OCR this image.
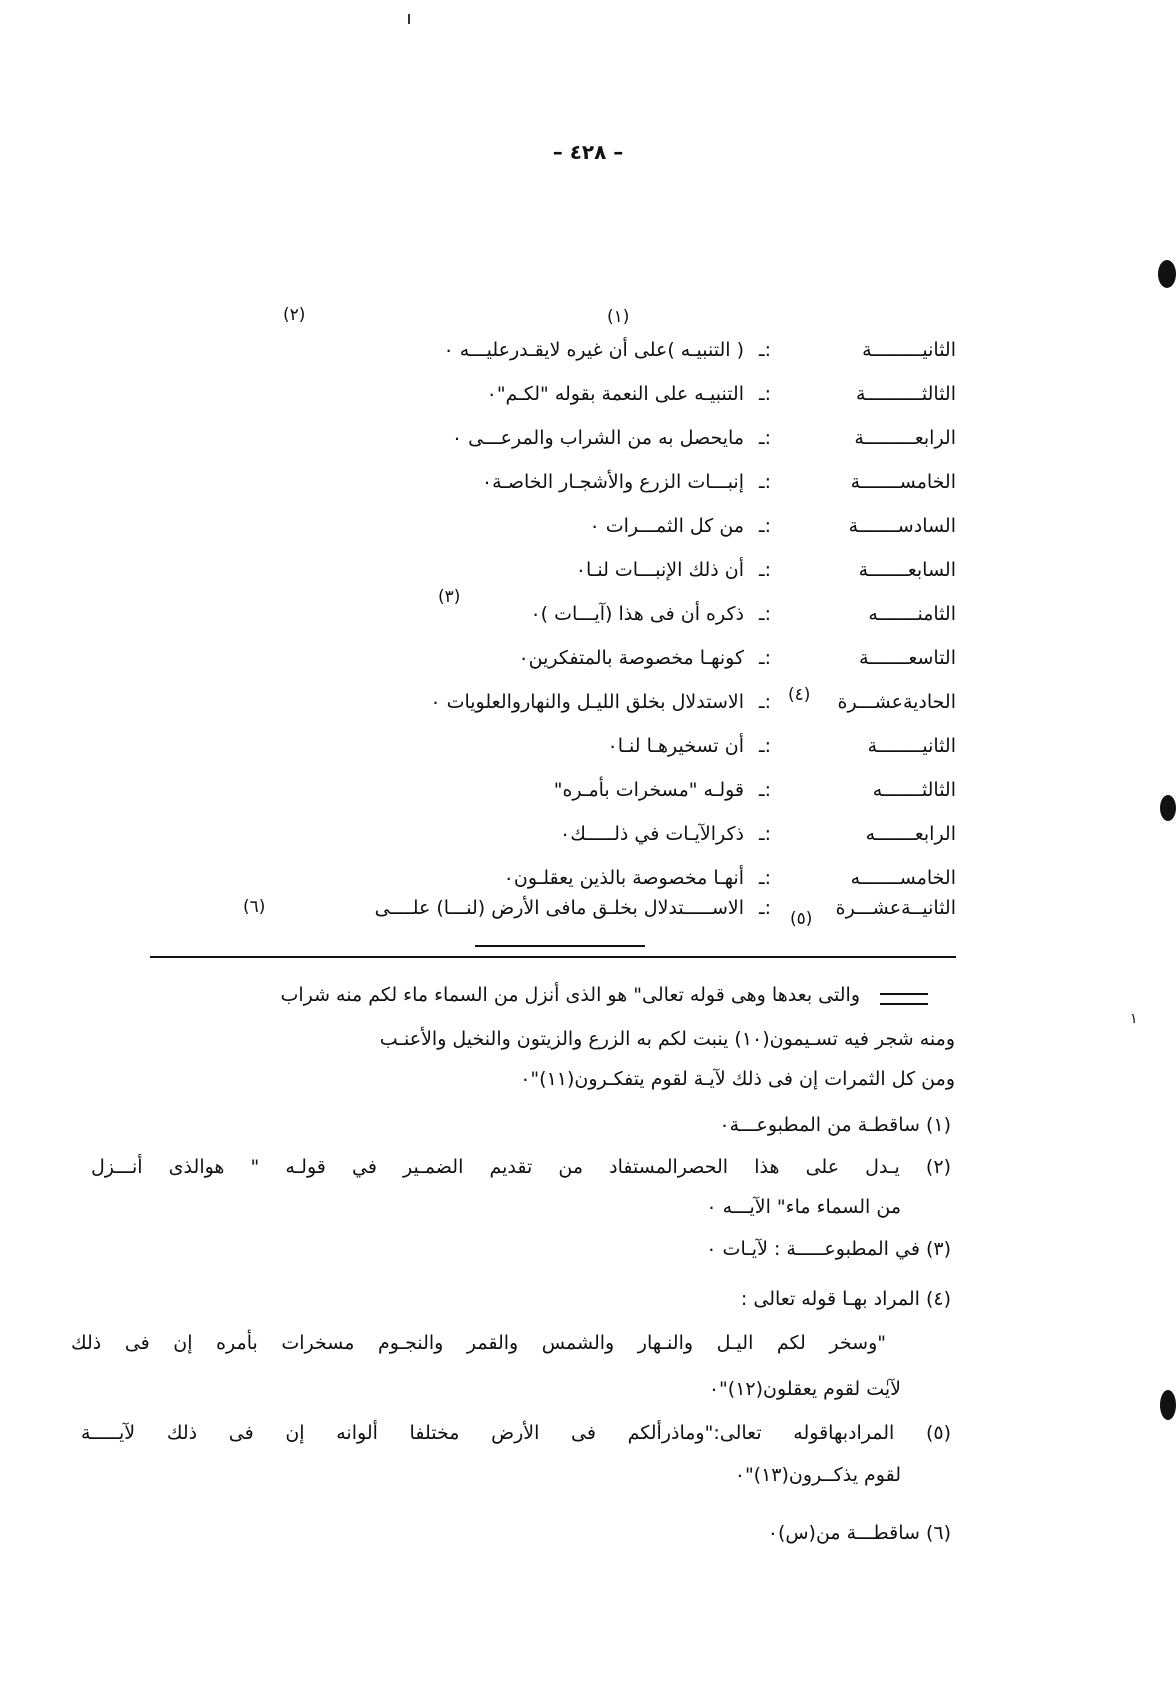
– ٤٢٨ –
(٢)	(١)
(٣)
(٤)
(٦)
(٥)
١
الثانيـــــــــة
:ـ
( التنبيـه )على أن غيره لايقـدرعليـــه ٠
الثالثــــــــــة
:ـ
التنبيـه على النعمة بقوله "لكـم"٠
الرابعـــــــــة
:ـ
مايحصل به من الشراب والمرعـــى ٠
الخامســـــــة
:ـ
إنبـــات الزرع والأشجـار الخاصـة٠
السادســـــــة
:ـ
من كل الثمـــرات ٠
السابعـــــــة
:ـ
أن ذلك الإنبـــات لنـا٠
الثامنـــــــه
:ـ
ذكره أن فى هذا (آيـــات )٠
التاسعـــــــة
:ـ
كونهـا مخصوصة بالمتفكرين٠
الحاديةعشـــرة
:ـ
الاستدلال بخلق الليـل والنهاروالعلويات ٠
الثانيــــــــة
:ـ
أن تسخيرهـا لنـا٠
الثالثـــــــه
:ـ
قولـه "مسخرات بأمـره"
الرابعـــــــه
:ـ
ذكرالآيـات في ذلـــــك٠
الخامســـــــه
:ـ
أنهـا مخصوصة بالذين يعقلـون٠
الثانيــةعشـــرة
:ـ
الاســـــتدلال بخلـق مافى الأرض (لنـــا) علــــى
والتى بعدها وهى قوله تعالى" هو الذى أنزل من السماء ماء لكم منه شراب
ومنه شجر فيه تسـيمون(١٠) ينبت لكم به الزرع والزيتون والنخيل والأعنـب
ومن كل الثمرات إن فى ذلك لآيـة لقوم يتفكـرون(١١)"٠
(١) ساقطـة من المطبوعـــة٠
(٢) يـدل على هذا الحصرالمستفاد من تقديم الضمـير في قولـه " هوالذى أنـــزل
من السماء ماء" الآيـــه ٠
(٣) في المطبوعـــــة : لآيـات ٠
(٤) المراد بهـا قوله تعالى :
"وسخر لكم اليـل والنـهار والشمس والقمر والنجـوم مسخرات بأمره إن فى ذلك
لآيٰت لقوم يعقلون(١٢)"٠
(٥) المرادبهاقوله تعالى:"وماذرألكم فى الأرض مختلفا ألوانه إن فى ذلك لآيـــــة
لقوم يذكــرون(١٣)"٠
(٦) ساقطـــة من(س)٠
